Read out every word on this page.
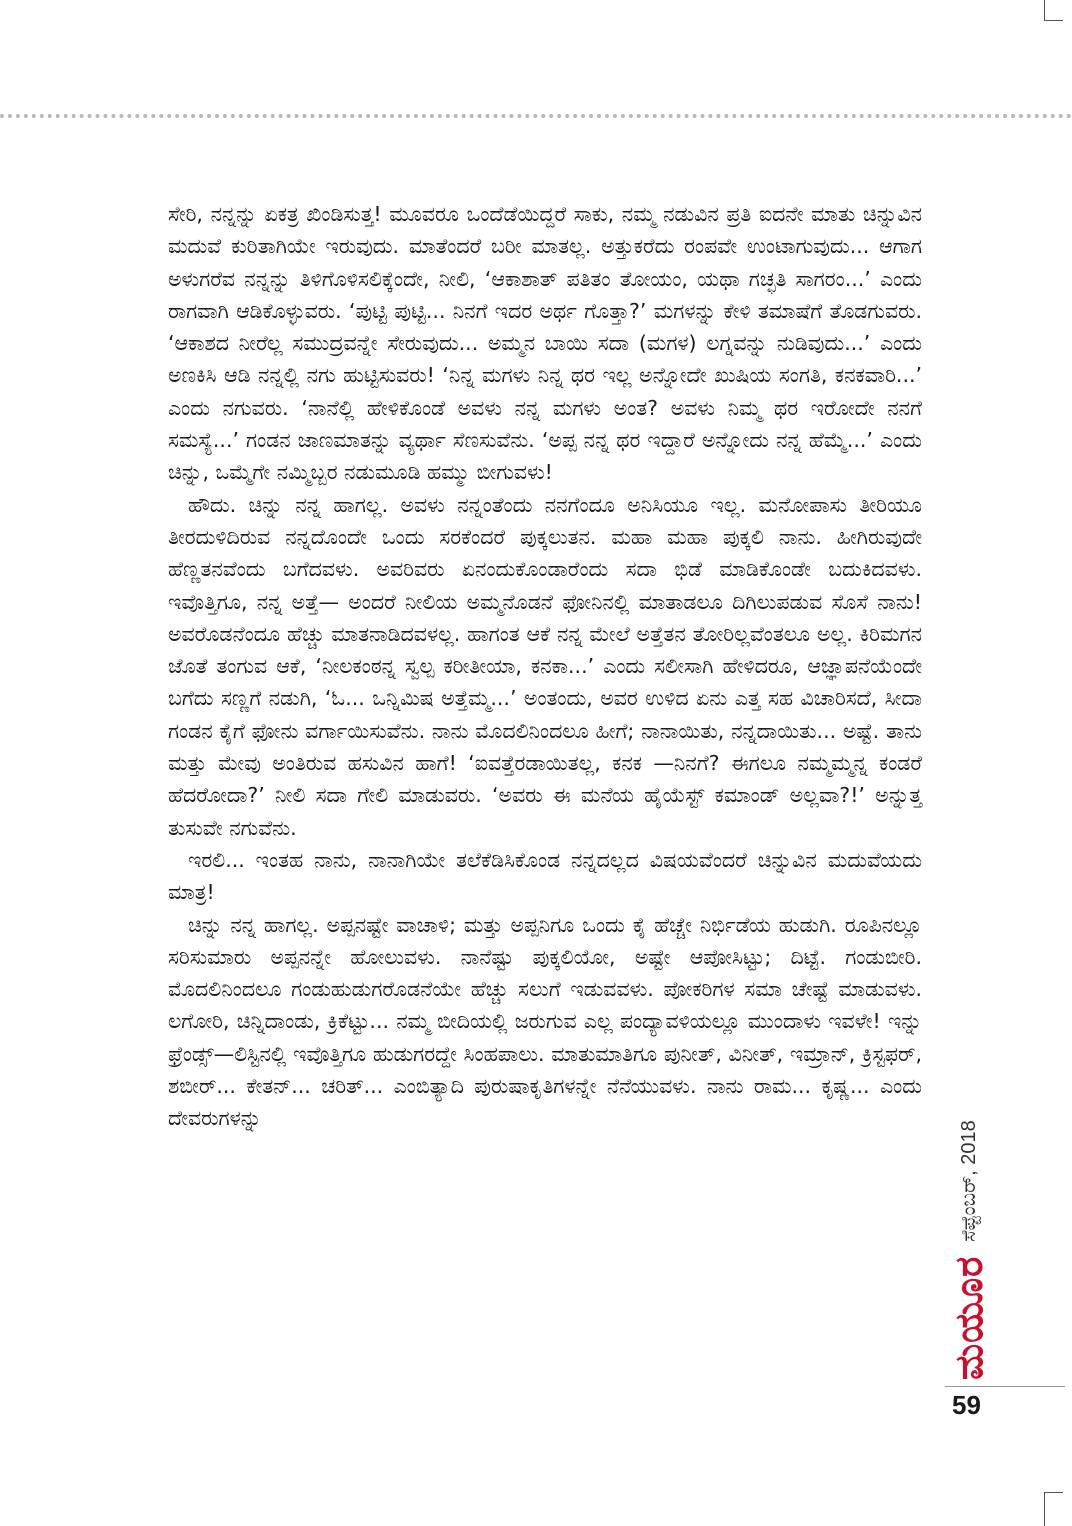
ಸೇರಿ, ನನ್ನನ್ನು ಏಕತ್ರ ಖಿಂಡಿಸುತ್ತ! ಮೂವರೂ ಒಂದೆಡೆಯಿದ್ದರೆ ಸಾಕು, ನಮ್ಮ ನಡುವಿನ ಪ್ರತಿ ಐದನೇ ಮಾತು ಚಿನ್ನುವಿನ ಮದುವೆ ಕುರಿತಾಗಿಯೇ ಇರುವುದು. ಮಾತೆಂದರೆ ಬರೀ ಮಾತಲ್ಲ. ಅತ್ತುಕರೆದು ರಂಪವೇ ಉಂಟಾಗುವುದು... ಆಗಾಗ ಅಳುಗರೆವ ನನ್ನನ್ನು ತಿಳಿಗೊಳಿಸಲಿಕ್ಕೆಂದೇ, ನೀಲಿ, ‘ಆಕಾಶಾತ್ ಪತಿತಂ ತೋಯಂ, ಯಥಾ ಗಚ್ಛತಿ ಸಾಗರಂ...’ ಎಂದು ರಾಗವಾಗಿ ಆಡಿಕೊಳ್ಳುವರು. ‘ಪುಟ್ಟಿ ಪುಟ್ಟಿ... ನಿನಗೆ ಇದರ ಅರ್ಥ ಗೊತ್ತಾ?’ ಮಗಳನ್ನು ಕೇಳಿ ತಮಾಷೆಗೆ ತೊಡಗುವರು. ‘ಆಕಾಶದ ನೀರೆಲ್ಲ ಸಮುದ್ರವನ್ನೇ ಸೇರುವುದು... ಅಮ್ಮನ ಬಾಯಿ ಸದಾ (ಮಗಳ) ಲಗ್ನವನ್ನು ನುಡಿವುದು...’ ಎಂದು ಅಣಕಿಸಿ ಆಡಿ ನನ್ನಲ್ಲಿ ನಗು ಹುಟ್ಟಿಸುವರು! ‘ನಿನ್ನ ಮಗಳು ನಿನ್ನ ಥರ ಇಲ್ಲ ಅನ್ನೋದೇ ಖುಷಿಯ ಸಂಗತಿ, ಕನಕವಾರಿ...’ ಎಂದು ನಗುವರು. ‘ನಾನೆಲ್ಲಿ ಹೇಳಿಕೊಂಡೆ ಅವಳು ನನ್ನ ಮಗಳು ಅಂತ? ಅವಳು ನಿಮ್ಮ ಥರ ಇರೋದೇ ನನಗೆ ಸಮಸ್ಯೆ...’ ಗಂಡನ ಜಾಣಮಾತನ್ನು ವ್ಯರ್ಥಾ ಸೆಣಸುವೆನು. ‘ಅಪ್ಪ ನನ್ನ ಥರ ಇದ್ದಾರೆ ಅನ್ನೋದು ನನ್ನ ಹೆಮ್ಮೆ...’ ಎಂದು ಚಿನ್ನು, ಒಮ್ಮೆಗೇ ನಮ್ಮಿಬ್ಬರ ನಡುಮೂಡಿ ಹಮ್ಮು ಬೀಗುವಳು!

ಹೌದು. ಚಿನ್ನು ನನ್ನ ಹಾಗಲ್ಲ. ಅವಳು ನನ್ನಂತೆಂದು ನನಗೆಂದೂ ಅನಿಸಿಯೂ ಇಲ್ಲ. ಮನೋಪಾಸು ತೀರಿಯೂ ತೀರದುಳಿದಿರುವ ನನ್ನದೊಂದೇ ಒಂದು ಸರಕೆಂದರೆ ಪುಕ್ಕಲುತನ. ಮಹಾ ಮಹಾ ಪುಕ್ಕಲಿ ನಾನು. ಹೀಗಿರುವುದೇ ಹೆಣ್ಣತನವೆಂದು ಬಗೆದವಳು. ಅವರಿವರು ಏನಂದುಕೊಂಡಾರೆಂದು ಸದಾ ಭಿಡೆ ಮಾಡಿಕೊಂಡೇ ಬದುಕಿದವಳು. ಇವೊತ್ತಿಗೂ, ನನ್ನ ಅತ್ತೆ— ಅಂದರೆ ನೀಲಿಯ ಅಮ್ಮನೊಡನೆ ಫೋನಿನಲ್ಲಿ ಮಾತಾಡಲೂ ದಿಗಿಲುಪಡುವ ಸೊಸೆ ನಾನು! ಅವರೊಡನೆಂದೂ ಹೆಚ್ಚು ಮಾತನಾಡಿದವಳಲ್ಲ. ಹಾಗಂತ ಆಕೆ ನನ್ನ ಮೇಲೆ ಅತ್ತೆತನ ತೋರಿಲ್ಲವೆಂತಲೂ ಅಲ್ಲ. ಕಿರಿಮಗನ ಜೊತೆ ತಂಗುವ ಆಕೆ, ‘ನೀಲಕಂಠನ್ನ ಸ್ವಲ್ಪ ಕರೀತೀಯಾ, ಕನಕಾ...’ ಎಂದು ಸಲೀಸಾಗಿ ಹೇಳಿದರೂ, ಆಜ್ಞಾಪನೆಯೆಂದೇ ಬಗೆದು ಸಣ್ಣಗೆ ನಡುಗಿ, ‘ಓ... ಒನ್ನಿಮಿಷ ಅತ್ತೆಮ್ಮ...’ ಅಂತಂದು, ಅವರ ಉಳಿದ ಏನು ಎತ್ತ ಸಹ ವಿಚಾರಿಸದೆ, ಸೀದಾ ಗಂಡನ ಕೈಗೆ ಫೋನು ವರ್ಗಾಯಿಸುವೆನು. ನಾನು ಮೊದಲಿನಿಂದಲೂ ಹೀಗೆ; ನಾನಾಯಿತು, ನನ್ನದಾಯಿತು... ಅಷ್ಟೆ. ತಾನು ಮತ್ತು ಮೇವು ಅಂತಿರುವ ಹಸುವಿನ ಹಾಗೆ! ‘ಐವತ್ತೆರಡಾಯಿತಲ್ಲ, ಕನಕ —ನಿನಗೆ? ಈಗಲೂ ನಮ್ಮಮ್ಮನ್ನ ಕಂಡರೆ ಹೆದರೋದಾ?’ ನೀಲಿ ಸದಾ ಗೇಲಿ ಮಾಡುವರು. ‘ಅವರು ಈ ಮನೆಯ ಹೈಯೆಸ್ಟ್ ಕಮಾಂಡ್ ಅಲ್ಲವಾ?!’ ಅನ್ನುತ್ತ ತುಸುವೇ ನಗುವೆನು.

ಇರಲಿ... ಇಂತಹ ನಾನು, ನಾನಾಗಿಯೇ ತಲೆಕೆಡಿಸಿಕೊಂಡ ನನ್ನದಲ್ಲದ ವಿಷಯವೆಂದರೆ ಚಿನ್ನುವಿನ ಮದುವೆಯದು ಮಾತ್ರ!

ಚಿನ್ನು ನನ್ನ ಹಾಗಲ್ಲ. ಅಪ್ಪನಷ್ಟೇ ವಾಚಾಳಿ; ಮತ್ತು ಅಪ್ಪನಿಗೂ ಒಂದು ಕೈ ಹೆಚ್ಚೇ ನಿರ್ಭಿಡೆಯ ಹುಡುಗಿ. ರೂಪಿನಲ್ಲೂ ಸರಿಸುಮಾರು ಅಪ್ಪನನ್ನೇ ಹೋಲುವಳು. ನಾನೆಷ್ಟು ಪುಕ್ಕಲಿಯೋ, ಅಷ್ಟೇ ಆಪೋಸಿಟ್ಟು; ದಿಟ್ಟೆ. ಗಂಡುಬೀರಿ. ಮೊದಲಿನಿಂದಲೂ ಗಂಡುಹುಡುಗರೊಡನೆಯೇ ಹೆಚ್ಚು ಸಲುಗೆ ಇಡುವವಳು. ಪೋಕರಿಗಳ ಸಮಾ ಚೇಷ್ಟೆ ಮಾಡುವಳು. ಲಗೋರಿ, ಚಿನ್ನಿದಾಂಡು, ಕ್ರಿಕೆಟ್ಟು... ನಮ್ಮ ಬೀದಿಯಲ್ಲಿ ಜರುಗುವ ಎಲ್ಲ ಪಂದ್ಯಾವಳಿಯಲ್ಲೂ ಮುಂದಾಳು ಇವಳೇ! ಇನ್ನು ಫ್ರೆಂಡ್ಸ್—ಲಿಸ್ಟಿನಲ್ಲಿ ಇವೊತ್ತಿಗೂ ಹುಡುಗರದ್ದೇ ಸಿಂಹಪಾಲು. ಮಾತುಮಾತಿಗೂ ಪುನೀತ್, ವಿನೀತ್, ಇಮ್ರಾನ್, ಕ್ರಿಸ್ಟಫರ್, ಶಬೀರ್... ಕೇತನ್... ಚರಿತ್... ಎಂಬಿತ್ಯಾದಿ ಪುರುಷಾಕೃತಿಗಳನ್ನೇ ನೆನೆಯುವಳು. ನಾನು ರಾಮ... ಕೃಷ್ಣ... ಎಂದು ದೇವರುಗಳನ್ನು

ಮಯೂರ
ಸೆಪ್ಟೆಂಬರ್, 2018
59
